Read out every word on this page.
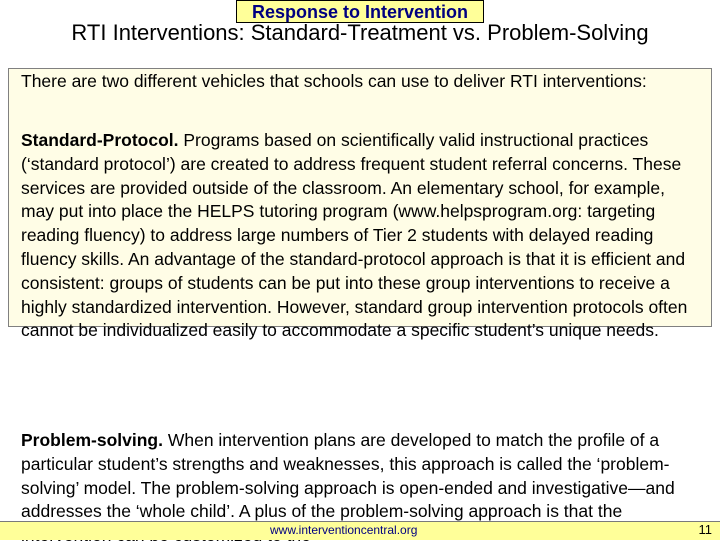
Response to Intervention
RTI Interventions: Standard-Treatment vs. Problem-Solving
There are two different vehicles that schools can use to deliver RTI interventions:
Standard-Protocol. Programs based on scientifically valid instructional practices (‘standard protocol’) are created to address frequent student referral concerns. These services are provided outside of the classroom. An elementary school, for example, may put into place the HELPS tutoring program (www.helpsprogram.org: targeting reading fluency) to address large numbers of Tier 2 students with delayed reading fluency skills. An advantage of the standard-protocol approach is that it is efficient and consistent: groups of students can be put into these group interventions to receive a highly standardized intervention. However, standard group intervention protocols often cannot be individualized easily to accommodate a specific student’s unique needs.
Problem-solving. When intervention plans are developed to match the profile of a particular student’s strengths and weaknesses, this approach is called the ‘problem-solving’ model. The problem-solving approach is open-ended and investigative—and addresses the ‘whole child’. A plus of the problem-solving approach is that the
www.interventioncentral.org	11
